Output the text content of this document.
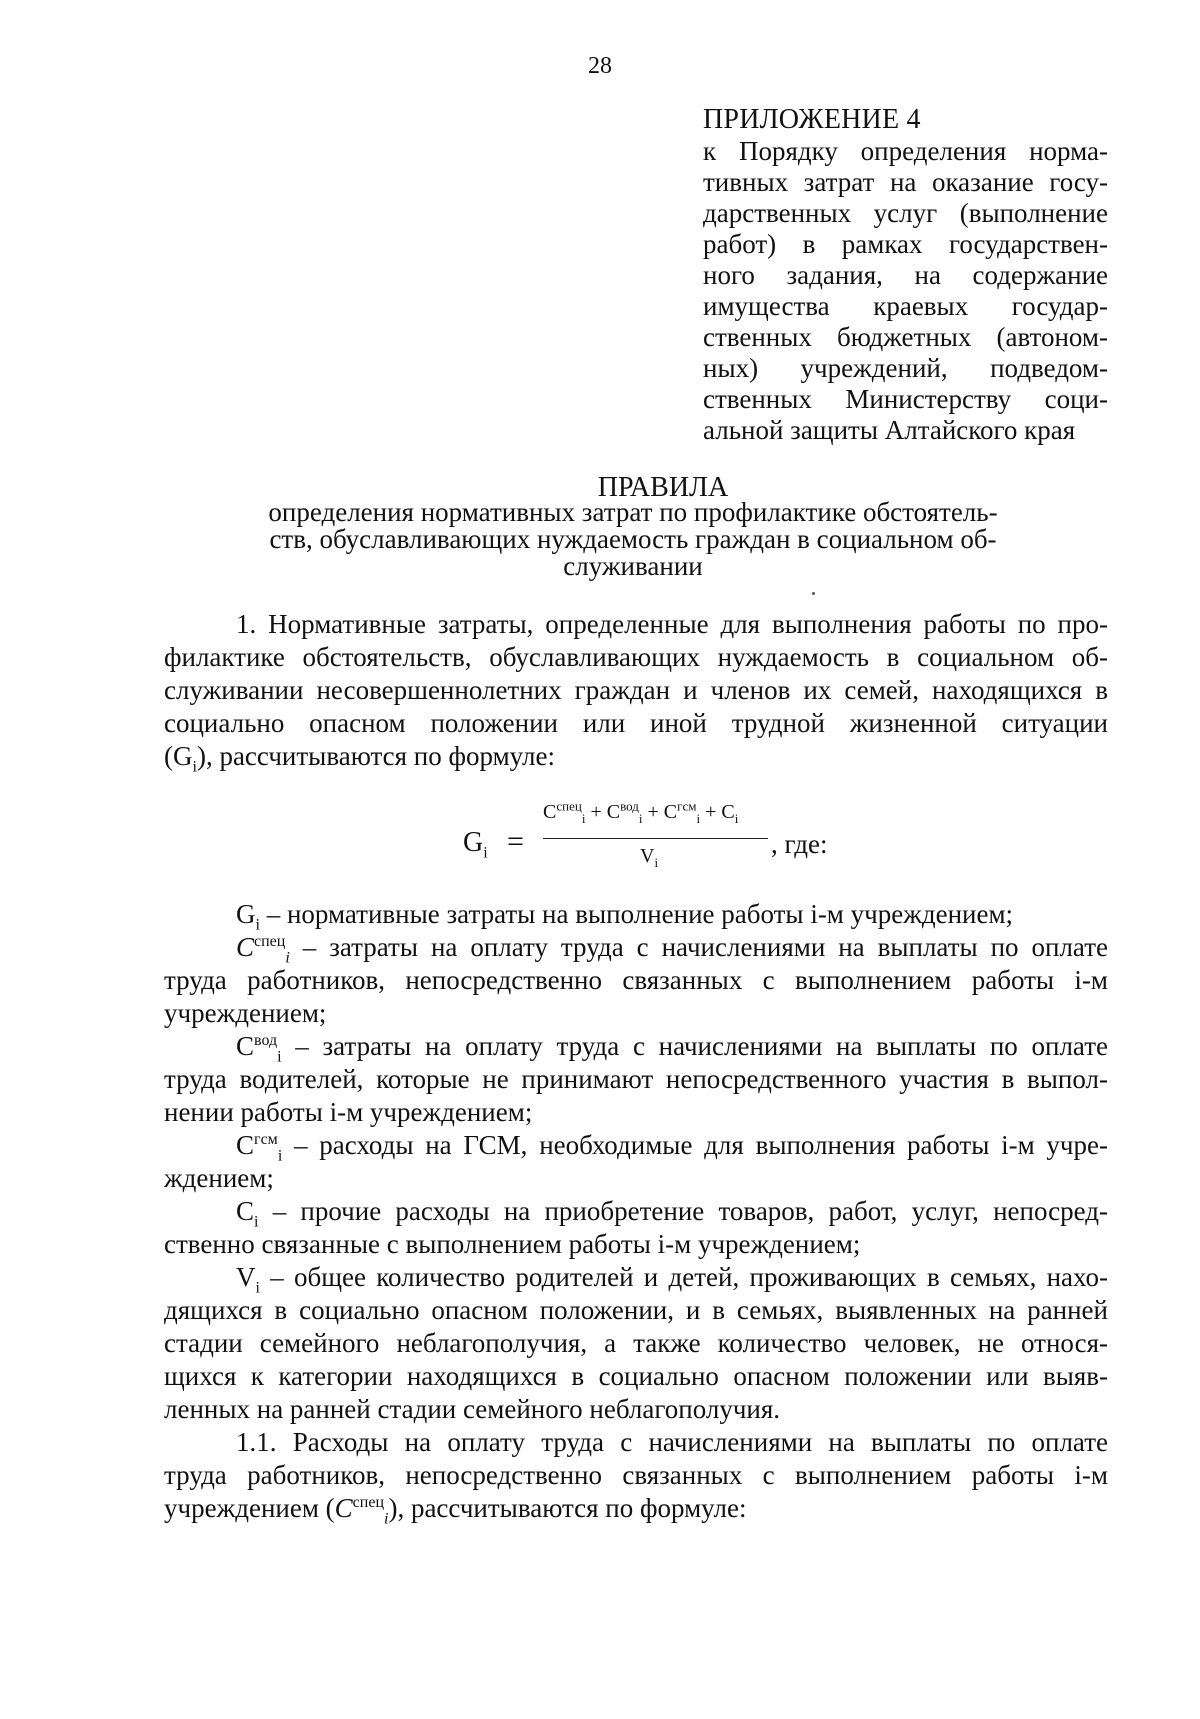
28
ПРИЛОЖЕНИЕ 4
к Порядку определения норма-
тивных затрат на оказание госу-
дарственных услуг (выполнение
работ) в рамках государствен-
ного задания, на содержание
имущества краевых государ-
ственных бюджетных (автоном-
ных) учреждений, подведом-
ственных Министерству соци-
альной защиты Алтайского края
ПРАВИЛА
определения нормативных затрат по профилактике обстоятель-
ств, обуславливающих нуждаемость граждан в социальном об-
служивании
1. Нормативные затраты, определенные для выполнения работы по про-
филактике обстоятельств, обуславливающих нуждаемость в социальном об-
служивании несовершеннолетних граждан и членов их семей, находящихся в
социально опасном положении или иной трудной жизненной ситуации
$(G_i)$, рассчитываются по формуле:
$G_i$ =
$C^{спец}_i + C^{вод}_i + C^{гсм}_i + C_i$
$V_i$
, где:
$G_i$ – нормативные затраты на выполнение работы i-м учреждением;
$C^{спец}_i$ – затраты на оплату труда с начислениями на выплаты по оплате
труда работников, непосредственно связанных с выполнением работы i-м
учреждением;
$C^{вод}_i$ – затраты на оплату труда с начислениями на выплаты по оплате
труда водителей, которые не принимают непосредственного участия в выпол-
нении работы i-м учреждением;
$C^{гсм}_i$ – расходы на ГСМ, необходимые для выполнения работы i-м учре-
ждением;
$C_i$ – прочие расходы на приобретение товаров, работ, услуг, непосред-
ственно связанные с выполнением работы i-м учреждением;
$V_i$ – общее количество родителей и детей, проживающих в семьях, нахо-
дящихся в социально опасном положении, и в семьях, выявленных на ранней
стадии семейного неблагополучия, а также количество человек, не относя-
щихся к категории находящихся в социально опасном положении или выяв-
ленных на ранней стадии семейного неблагополучия.
1.1. Расходы на оплату труда с начислениями на выплаты по оплате
труда работников, непосредственно связанных с выполнением работы i-м
учреждением $(C^{спец}_i)$, рассчитываются по формуле:
